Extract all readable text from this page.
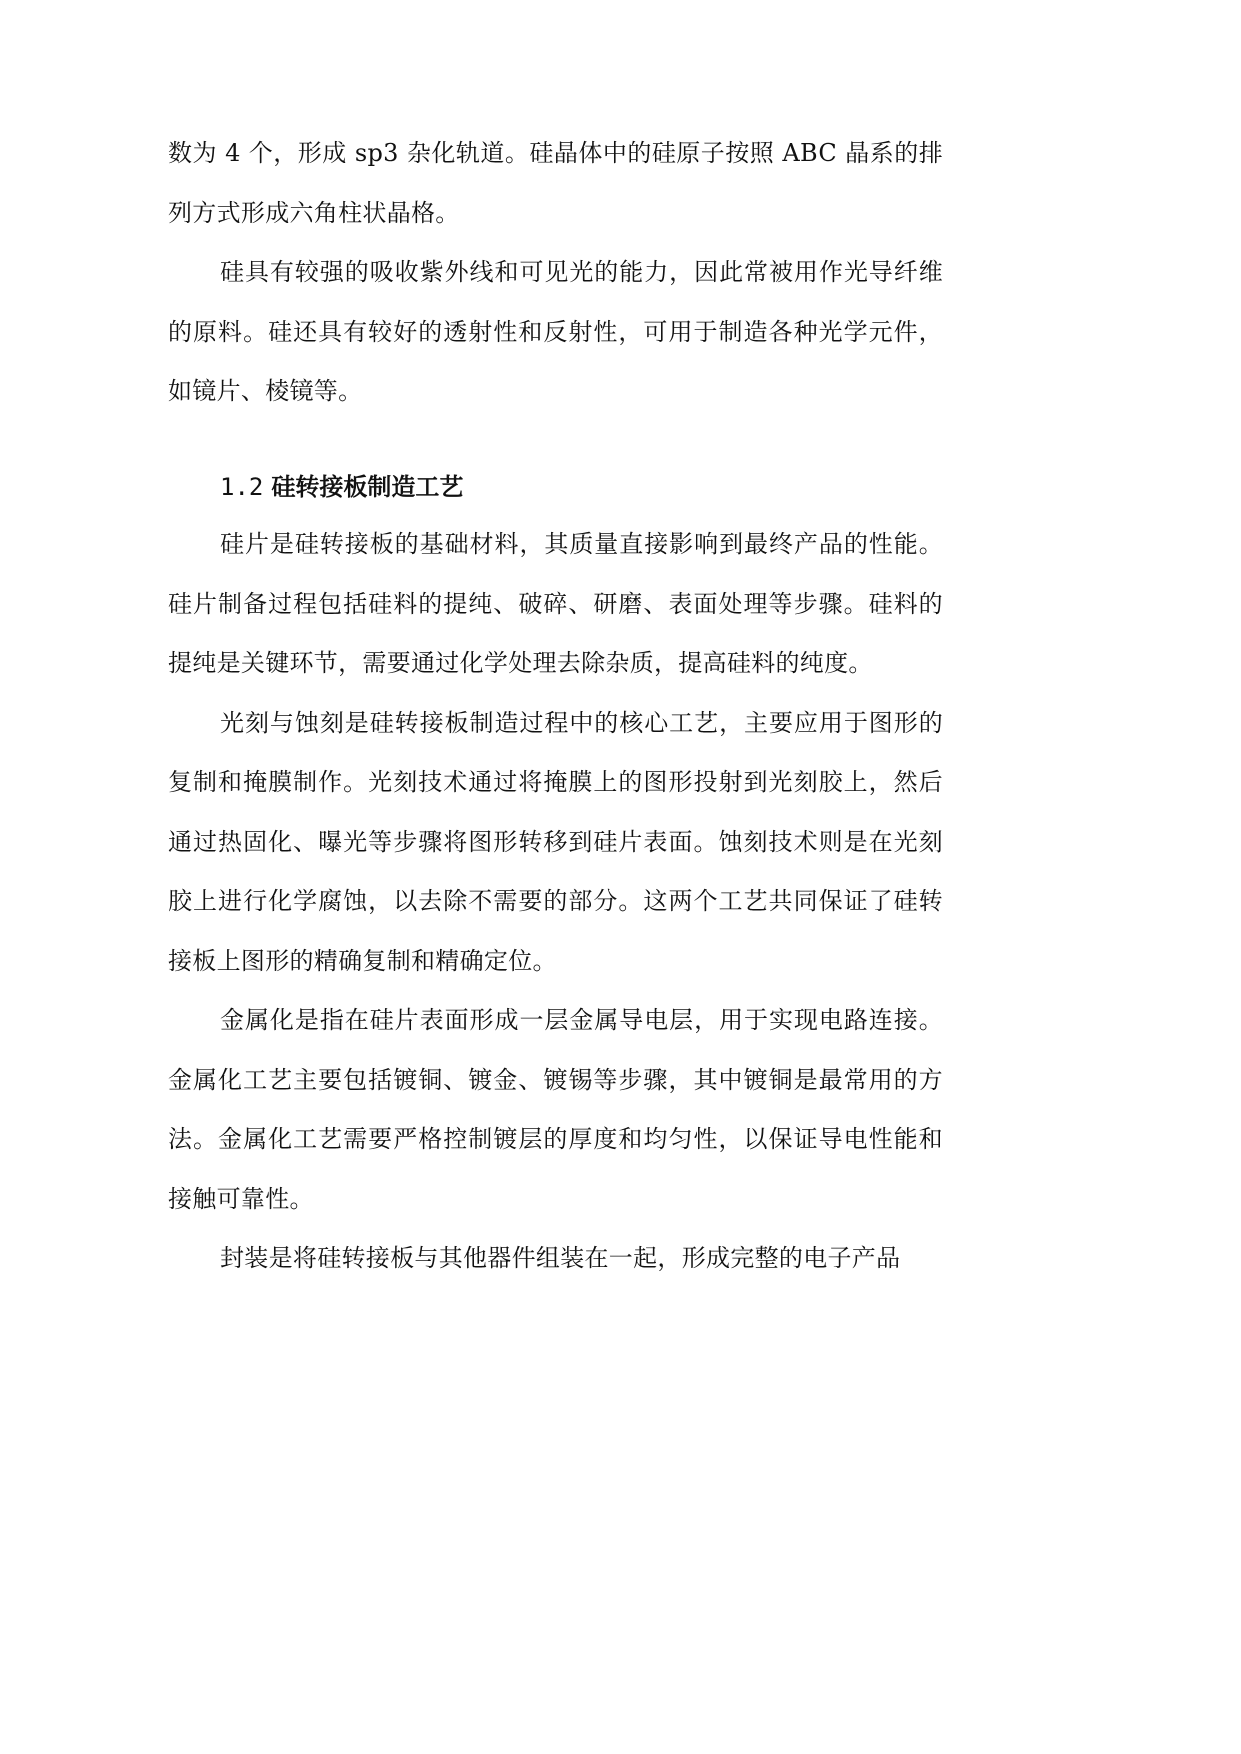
数为 4 个，形成 sp3 杂化轨道。硅晶体中的硅原子按照 ABC 晶系的排列方式形成六角柱状晶格。

硅具有较强的吸收紫外线和可见光的能力，因此常被用作光导纤维的原料。硅还具有较好的透射性和反射性，可用于制造各种光学元件，如镜片、棱镜等。

1.2 硅转接板制造工艺

硅片是硅转接板的基础材料，其质量直接影响到最终产品的性能。硅片制备过程包括硅料的提纯、破碎、研磨、表面处理等步骤。硅料的提纯是关键环节，需要通过化学处理去除杂质，提高硅料的纯度。

光刻与蚀刻是硅转接板制造过程中的核心工艺，主要应用于图形的复制和掩膜制作。光刻技术通过将掩膜上的图形投射到光刻胶上，然后通过热固化、曝光等步骤将图形转移到硅片表面。蚀刻技术则是在光刻胶上进行化学腐蚀，以去除不需要的部分。这两个工艺共同保证了硅转接板上图形的精确复制和精确定位。

金属化是指在硅片表面形成一层金属导电层，用于实现电路连接。金属化工艺主要包括镀铜、镀金、镀锡等步骤，其中镀铜是最常用的方法。金属化工艺需要严格控制镀层的厚度和均匀性，以保证导电性能和接触可靠性。

封装是将硅转接板与其他器件组装在一起，形成完整的电子产品
